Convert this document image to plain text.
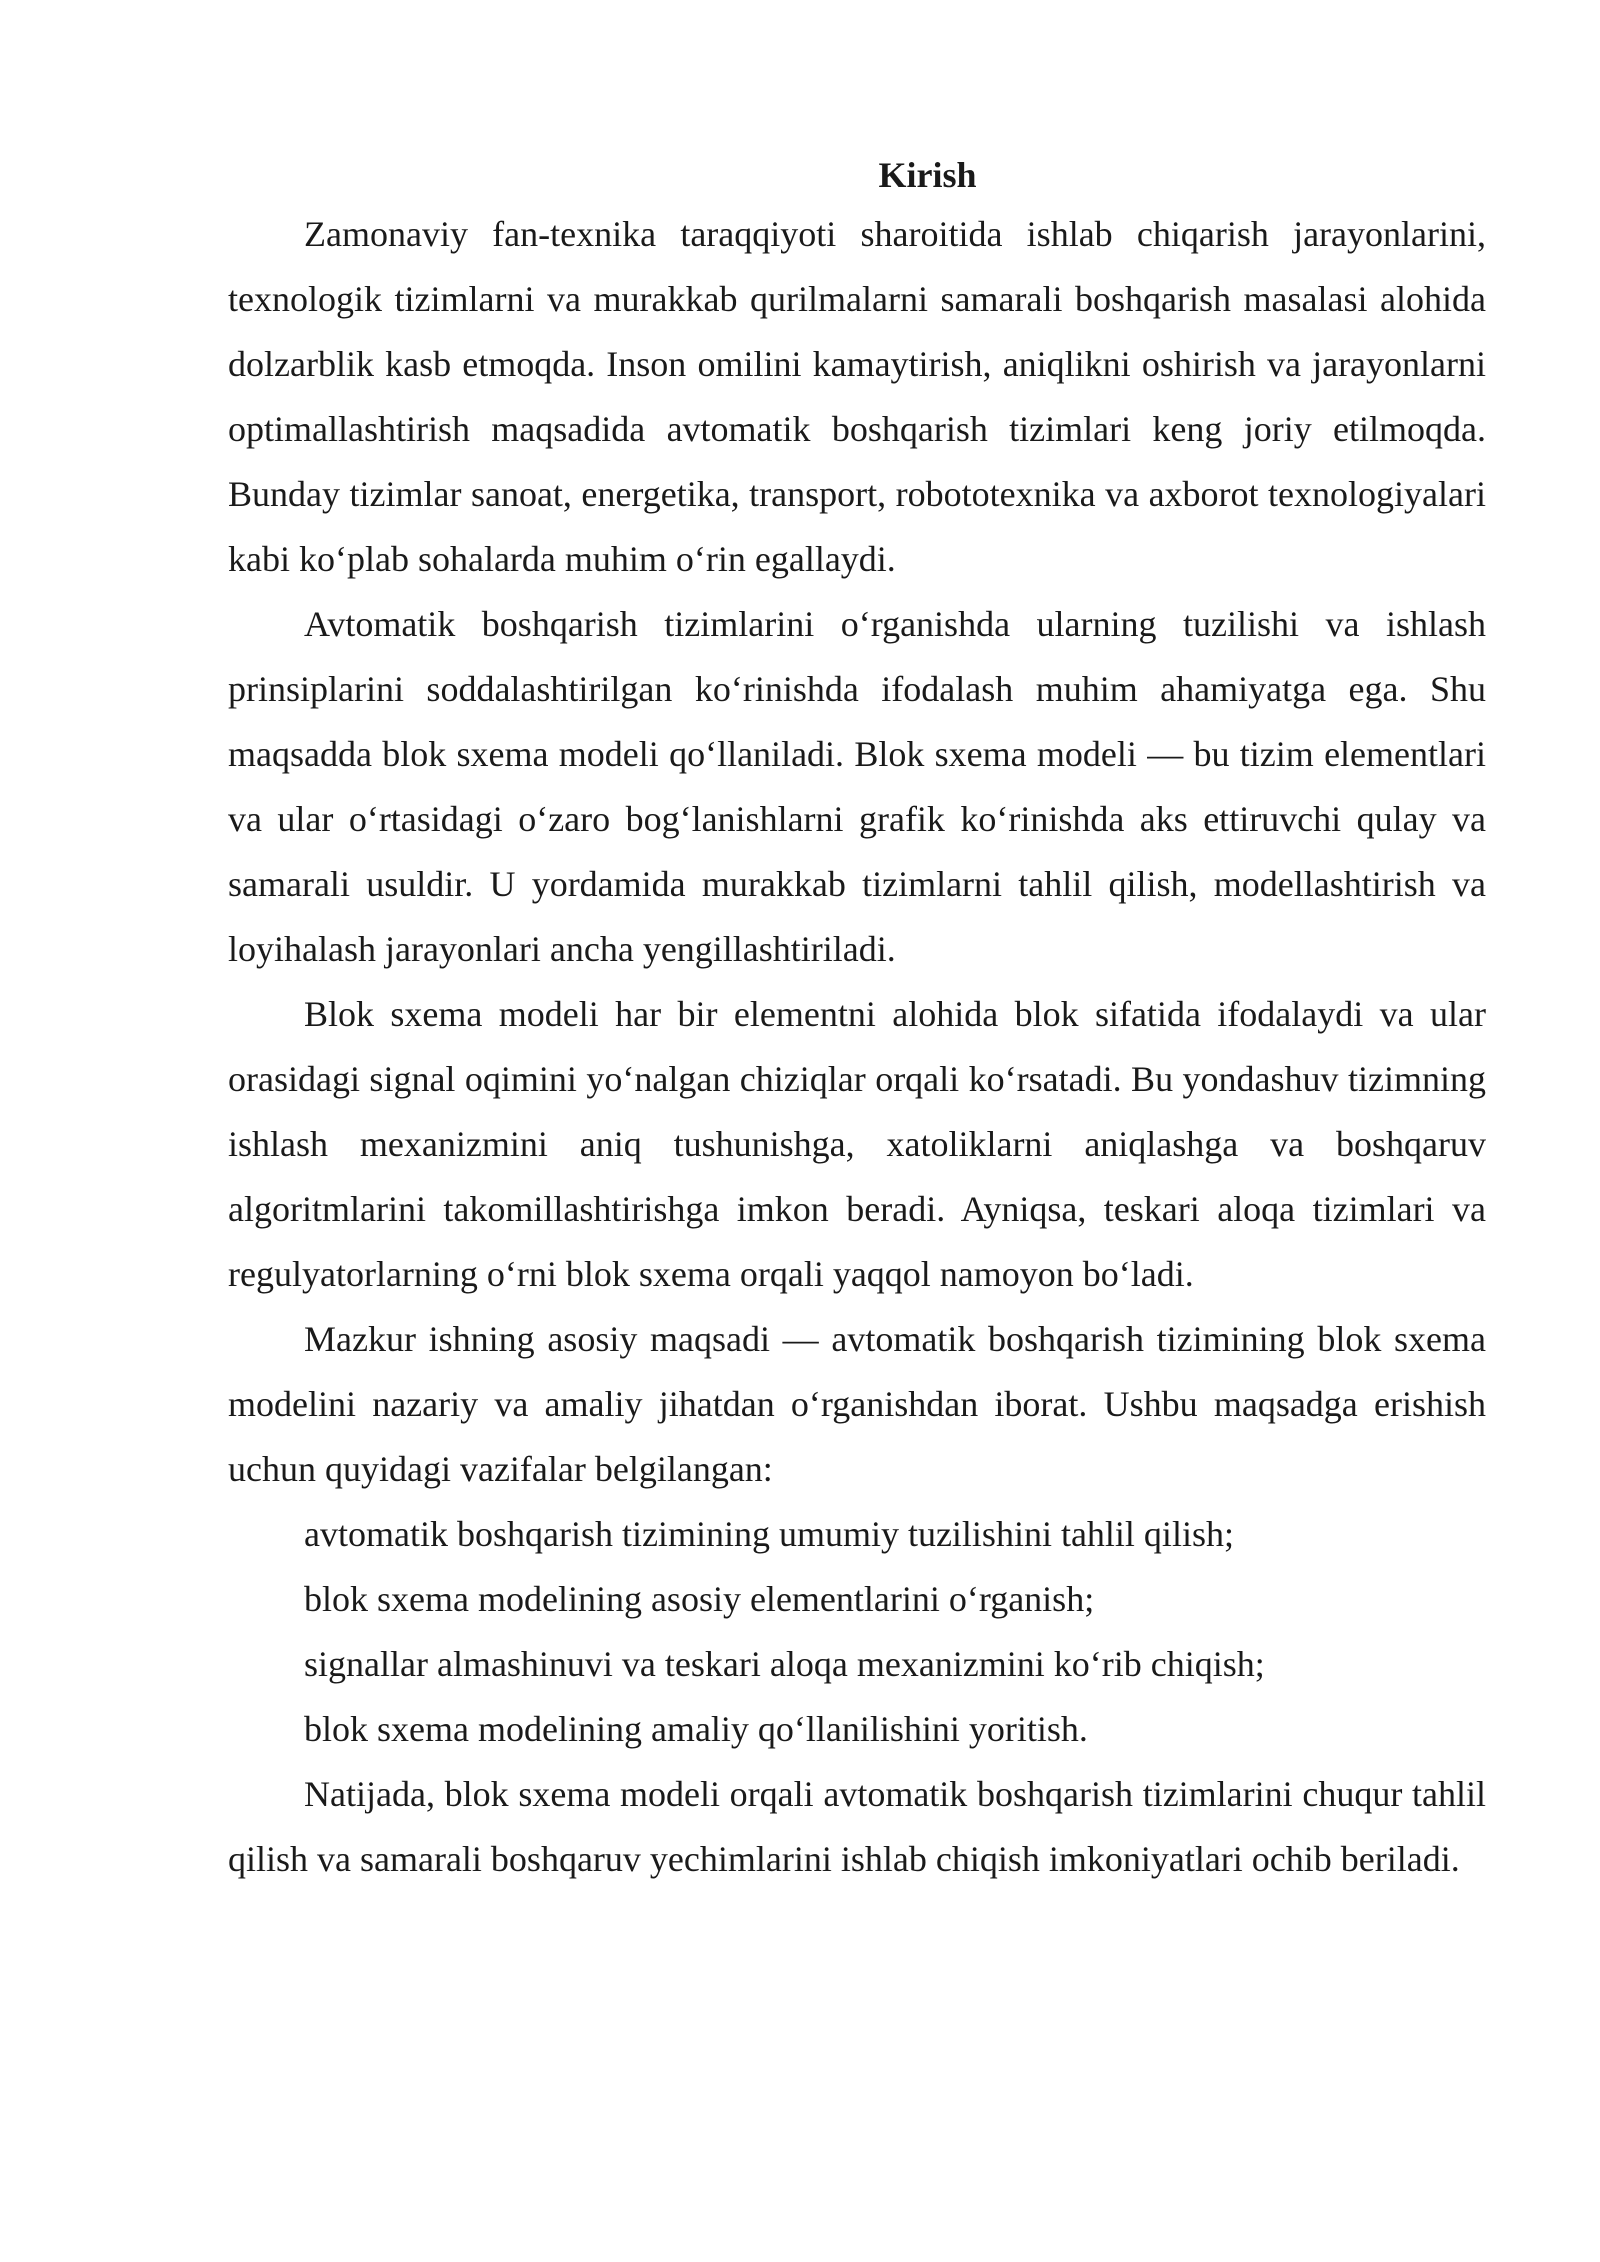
Kirish

Zamonaviy fan-texnika taraqqiyoti sharoitida ishlab chiqarish jarayonlarini, texnologik tizimlarni va murakkab qurilmalarni samarali boshqarish masalasi alohida dolzarblik kasb etmoqda. Inson omilini kamaytirish, aniqlikni oshirish va jarayonlarni optimallashtirish maqsadida avtomatik boshqarish tizimlari keng joriy etilmoqda. Bunday tizimlar sanoat, energetika, transport, robototexnika va axborot texnologiyalari kabi ko‘plab sohalarda muhim o‘rin egallaydi.

Avtomatik boshqarish tizimlarini o‘rganishda ularning tuzilishi va ishlash prinsiplarini soddalashtirilgan ko‘rinishda ifodalash muhim ahamiyatga ega. Shu maqsadda blok sxema modeli qo‘llaniladi. Blok sxema modeli — bu tizim elementlari va ular o‘rtasidagi o‘zaro bog‘lanishlarni grafik ko‘rinishda aks ettiruvchi qulay va samarali usuldir. U yordamida murakkab tizimlarni tahlil qilish, modellashtirish va loyihalash jarayonlari ancha yengillashtiriladi.

Blok sxema modeli har bir elementni alohida blok sifatida ifodalaydi va ular orasidagi signal oqimini yo‘nalgan chiziqlar orqali ko‘rsatadi. Bu yondashuv tizimning ishlash mexanizmini aniq tushunishga, xatoliklarni aniqlashga va boshqaruv algoritmlarini takomillashtirishga imkon beradi. Ayniqsa, teskari aloqa tizimlari va regulyatorlarning o‘rni blok sxema orqali yaqqol namoyon bo‘ladi.

Mazkur ishning asosiy maqsadi — avtomatik boshqarish tizimining blok sxema modelini nazariy va amaliy jihatdan o‘rganishdan iborat. Ushbu maqsadga erishish uchun quyidagi vazifalar belgilangan:

avtomatik boshqarish tizimining umumiy tuzilishini tahlil qilish;
blok sxema modelining asosiy elementlarini o‘rganish;
signallar almashinuvi va teskari aloqa mexanizmini ko‘rib chiqish;
blok sxema modelining amaliy qo‘llanilishini yoritish.

Natijada, blok sxema modeli orqali avtomatik boshqarish tizimlarini chuqur tahlil qilish va samarali boshqaruv yechimlarini ishlab chiqish imkoniyatlari ochib beriladi.
